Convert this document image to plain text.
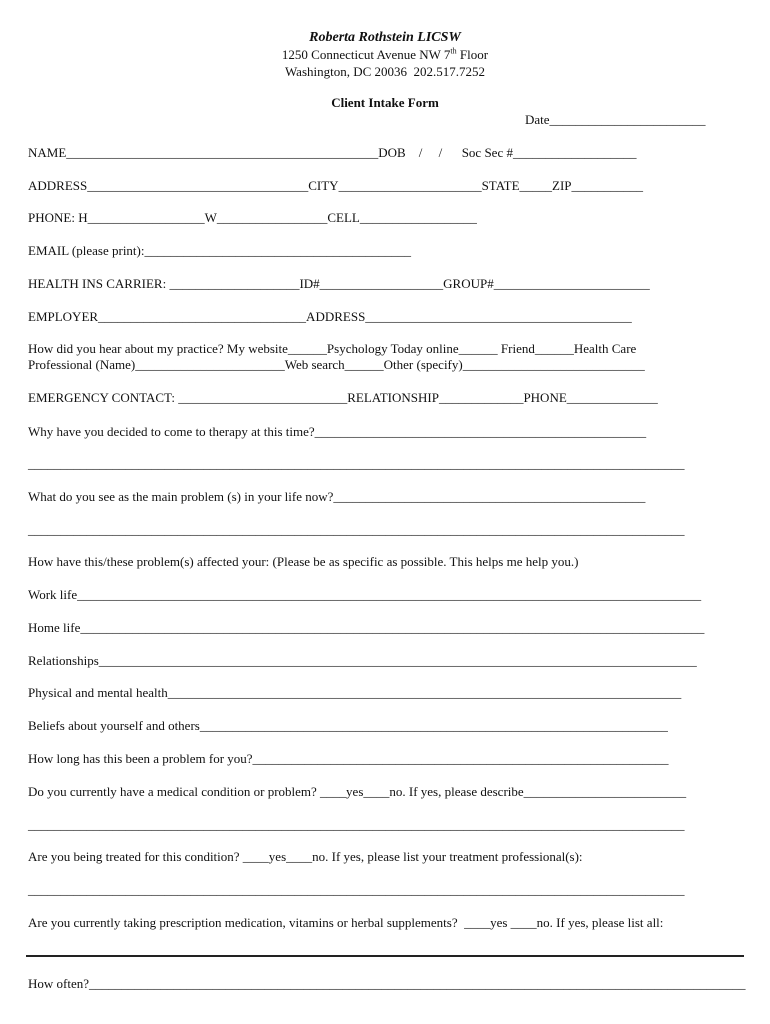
Roberta Rothstein LICSW
1250 Connecticut Avenue NW 7th Floor
Washington, DC 20036  202.517.7252
Client Intake Form
Date________________________
NAME________________________________________________DOB    /     /      Soc Sec #___________________
ADDRESS__________________________________CITY______________________STATE_____ZIP___________
PHONE: H__________________W_________________CELL__________________
EMAIL (please print):_________________________________________
HEALTH INS CARRIER: ____________________ID#___________________GROUP#________________________
EMPLOYER________________________________ADDRESS_________________________________________
How did you hear about my practice? My website______Psychology Today online______ Friend______Health Care
Professional (Name)_______________________Web search______Other (specify)____________________________
EMERGENCY CONTACT: __________________________RELATIONSHIP_____________PHONE______________
Why have you decided to come to therapy at this time?___________________________________________________
_____________________________________________________________________________________________________
What do you see as the main problem (s) in your life now?________________________________________________
_____________________________________________________________________________________________________
How have this/these problem(s) affected your: (Please be as specific as possible. This helps me help you.)
Work life________________________________________________________________________________________________
Home life________________________________________________________________________________________________
Relationships____________________________________________________________________________________________
Physical and mental health_______________________________________________________________________________
Beliefs about yourself and others________________________________________________________________________
How long has this been a problem for you?________________________________________________________________
Do you currently have a medical condition or problem? ____yes____no. If yes, please describe_________________________
_____________________________________________________________________________________________________
Are you being treated for this condition? ____yes____no. If yes, please list your treatment professional(s):
_____________________________________________________________________________________________________
Are you currently taking prescription medication, vitamins or herbal supplements?  ____yes ____no. If yes, please list all:
How often?_____________________________________________________________________________________________________
